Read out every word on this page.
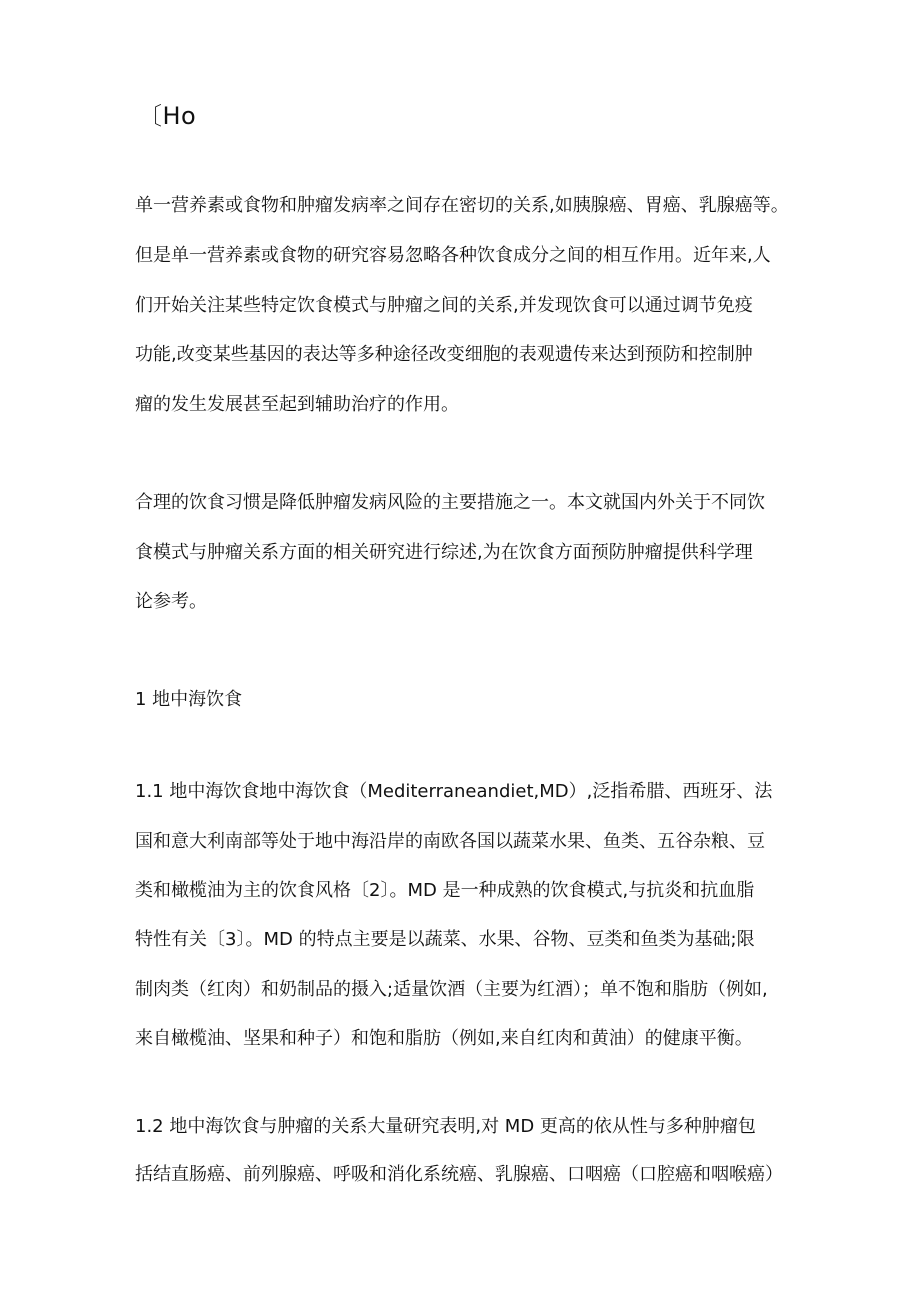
〔Ho

单一营养素或食物和肿瘤发病率之间存在密切的关系,如胰腺癌、胃癌、乳腺癌等。

但是单一营养素或食物的研究容易忽略各种饮食成分之间的相互作用。近年来,人

们开始关注某些特定饮食模式与肿瘤之间的关系,并发现饮食可以通过调节免疫

功能,改变某些基因的表达等多种途径改变细胞的表观遗传来达到预防和控制肿

瘤的发生发展甚至起到辅助治疗的作用。

合理的饮食习惯是降低肿瘤发病风险的主要措施之一。本文就国内外关于不同饮

食模式与肿瘤关系方面的相关研究进行综述,为在饮食方面预防肿瘤提供科学理

论参考。

1 地中海饮食

1.1 地中海饮食地中海饮食（Mediterraneandiet,MD）,泛指希腊、西班牙、法

国和意大利南部等处于地中海沿岸的南欧各国以蔬菜水果、鱼类、五谷杂粮、豆

类和橄榄油为主的饮食风格〔2〕。MD 是一种成熟的饮食模式,与抗炎和抗血脂

特性有关〔3〕。MD 的特点主要是以蔬菜、水果、谷物、豆类和鱼类为基础;限

制肉类（红肉）和奶制品的摄入;适量饮酒（主要为红酒）；单不饱和脂肪（例如,

来自橄榄油、坚果和种子）和饱和脂肪（例如,来自红肉和黄油）的健康平衡。

1.2 地中海饮食与肿瘤的关系大量研究表明,对 MD 更高的依从性与多种肿瘤包

括结直肠癌、前列腺癌、呼吸和消化系统癌、乳腺癌、口咽癌（口腔癌和咽喉癌）
